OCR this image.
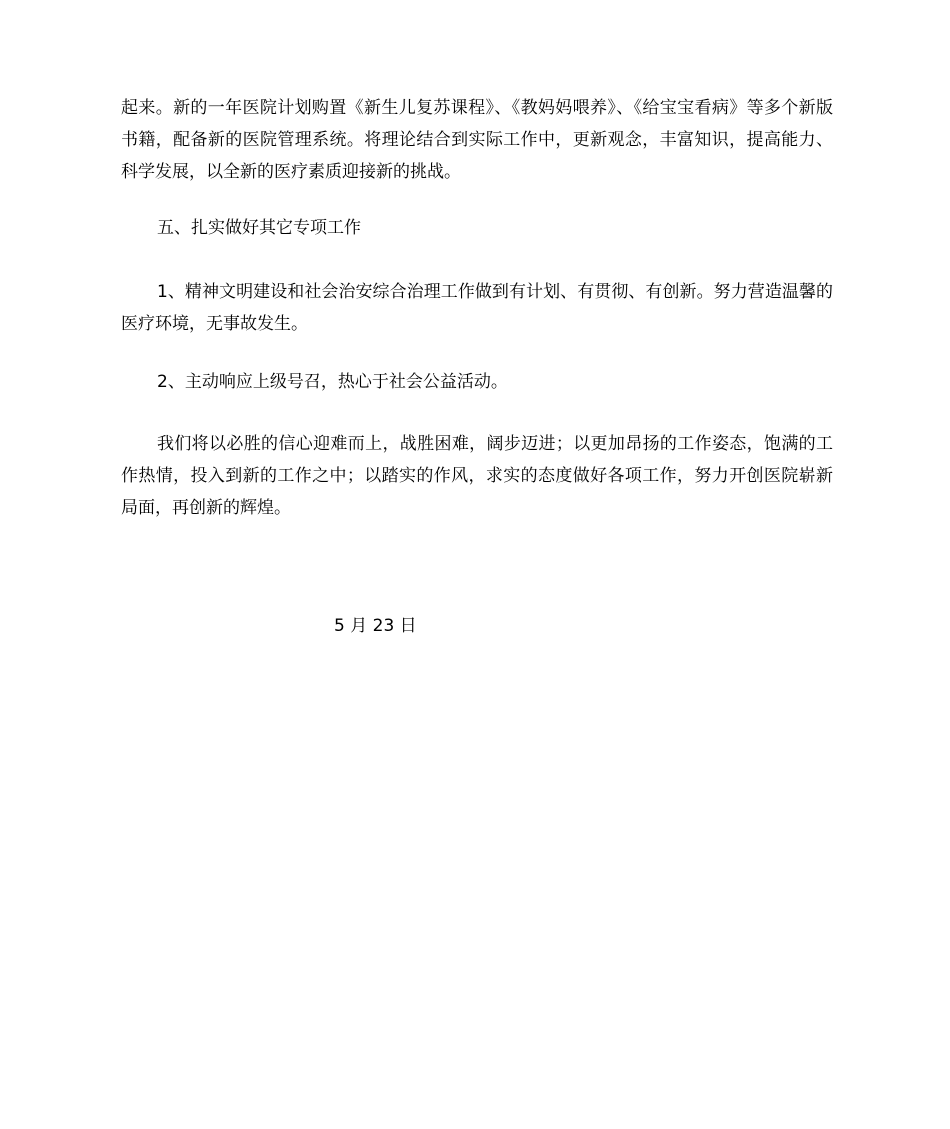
起来。新的一年医院计划购置《新生儿复苏课程》、《教妈妈喂养》、《给宝宝看病》等多个新版书籍，配备新的医院管理系统。将理论结合到实际工作中，更新观念，丰富知识，提高能力、科学发展，以全新的医疗素质迎接新的挑战。

五、扎实做好其它专项工作

1、精神文明建设和社会治安综合治理工作做到有计划、有贯彻、有创新。努力营造温馨的医疗环境，无事故发生。

2、主动响应上级号召，热心于社会公益活动。

我们将以必胜的信心迎难而上，战胜困难，阔步迈进；以更加昂扬的工作姿态，饱满的工作热情，投入到新的工作之中；以踏实的作风，求实的态度做好各项工作，努力开创医院崭新局面，再创新的辉煌。

5 月 23 日
